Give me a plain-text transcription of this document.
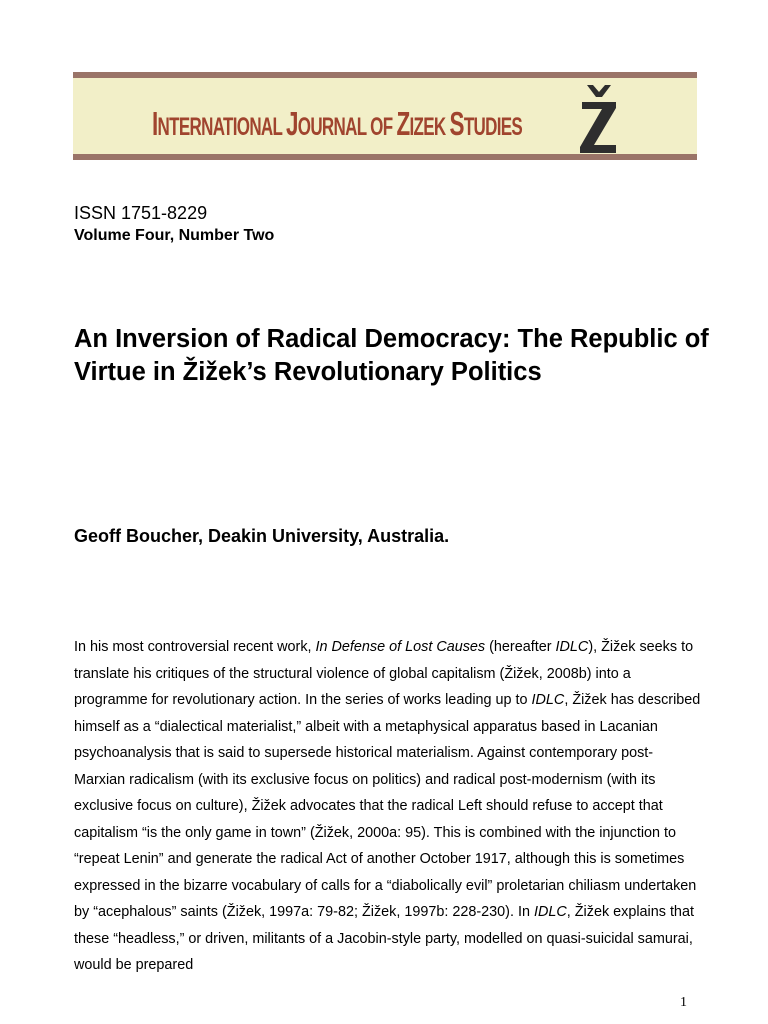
INTERNATIONAL JOURNAL OF ZIZEK STUDIES
ISSN 1751-8229
Volume Four, Number Two
An Inversion of Radical Democracy: The Republic of Virtue in Žižek’s Revolutionary Politics
Geoff Boucher, Deakin University, Australia.

In his most controversial recent work, In Defense of Lost Causes (hereafter IDLC), Žižek seeks to translate his critiques of the structural violence of global capitalism (Žižek, 2008b) into a programme for revolutionary action. In the series of works leading up to IDLC, Žižek has described himself as a “dialectical materialist,” albeit with a metaphysical apparatus based in Lacanian psychoanalysis that is said to supersede historical materialism. Against contemporary post-Marxian radicalism (with its exclusive focus on politics) and radical post-modernism (with its exclusive focus on culture), Žižek advocates that the radical Left should refuse to accept that capitalism “is the only game in town” (Žižek, 2000a: 95). This is combined with the injunction to “repeat Lenin” and generate the radical Act of another October 1917, although this is sometimes expressed in the bizarre vocabulary of calls for a “diabolically evil” proletarian chiliasm undertaken by “acephalous” saints (Žižek, 1997a: 79-82; Žižek, 1997b: 228-230). In IDLC, Žižek explains that these “headless,” or driven, militants of a Jacobin-style party, modelled on quasi-suicidal samurai, would be prepared

1
